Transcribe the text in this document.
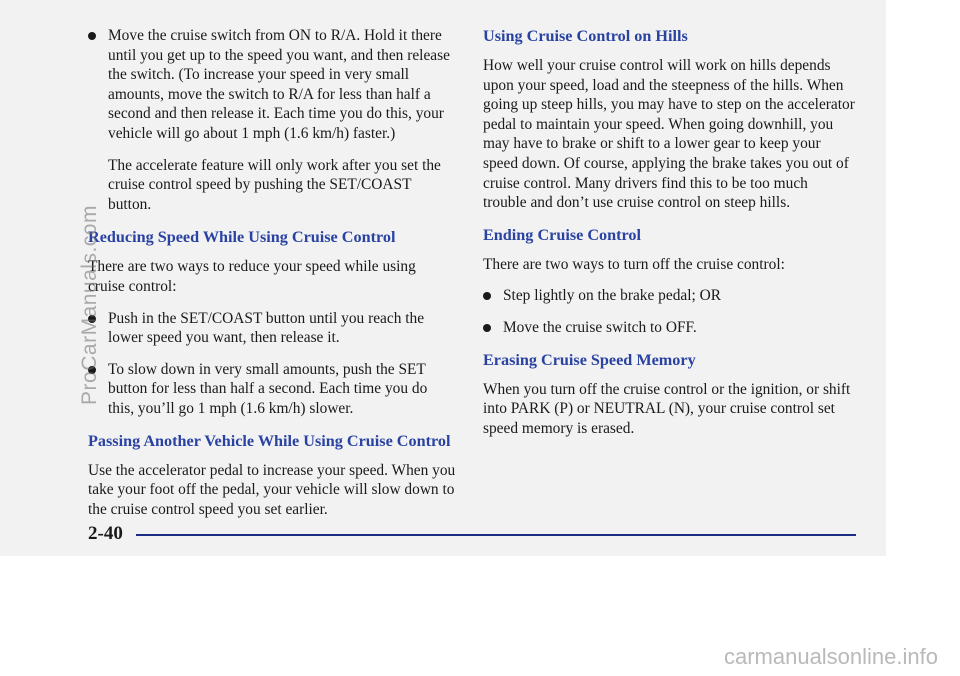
Move the cruise switch from ON to R/A. Hold it there until you get up to the speed you want, and then release the switch. (To increase your speed in very small amounts, move the switch to R/A for less than half a second and then release it. Each time you do this, your vehicle will go about 1 mph (1.6 km/h) faster.)

The accelerate feature will only work after you set the cruise control speed by pushing the SET/COAST button.

Reducing Speed While Using Cruise Control

There are two ways to reduce your speed while using cruise control:

Push in the SET/COAST button until you reach the lower speed you want, then release it.

To slow down in very small amounts, push the SET button for less than half a second. Each time you do this, you’ll go 1 mph (1.6 km/h) slower.

Passing Another Vehicle While Using Cruise Control

Use the accelerator pedal to increase your speed. When you take your foot off the pedal, your vehicle will slow down to the cruise control speed you set earlier.

Using Cruise Control on Hills

How well your cruise control will work on hills depends upon your speed, load and the steepness of the hills. When going up steep hills, you may have to step on the accelerator pedal to maintain your speed. When going downhill, you may have to brake or shift to a lower gear to keep your speed down. Of course, applying the brake takes you out of cruise control. Many drivers find this to be too much trouble and don’t use cruise control on steep hills.

Ending Cruise Control

There are two ways to turn off the cruise control:

Step lightly on the brake pedal; OR

Move the cruise switch to OFF.

Erasing Cruise Speed Memory

When you turn off the cruise control or the ignition, or shift into PARK (P) or NEUTRAL (N), your cruise control set speed memory is erased.

2-40
ProCarManuals.com
carmanualsonline.info
